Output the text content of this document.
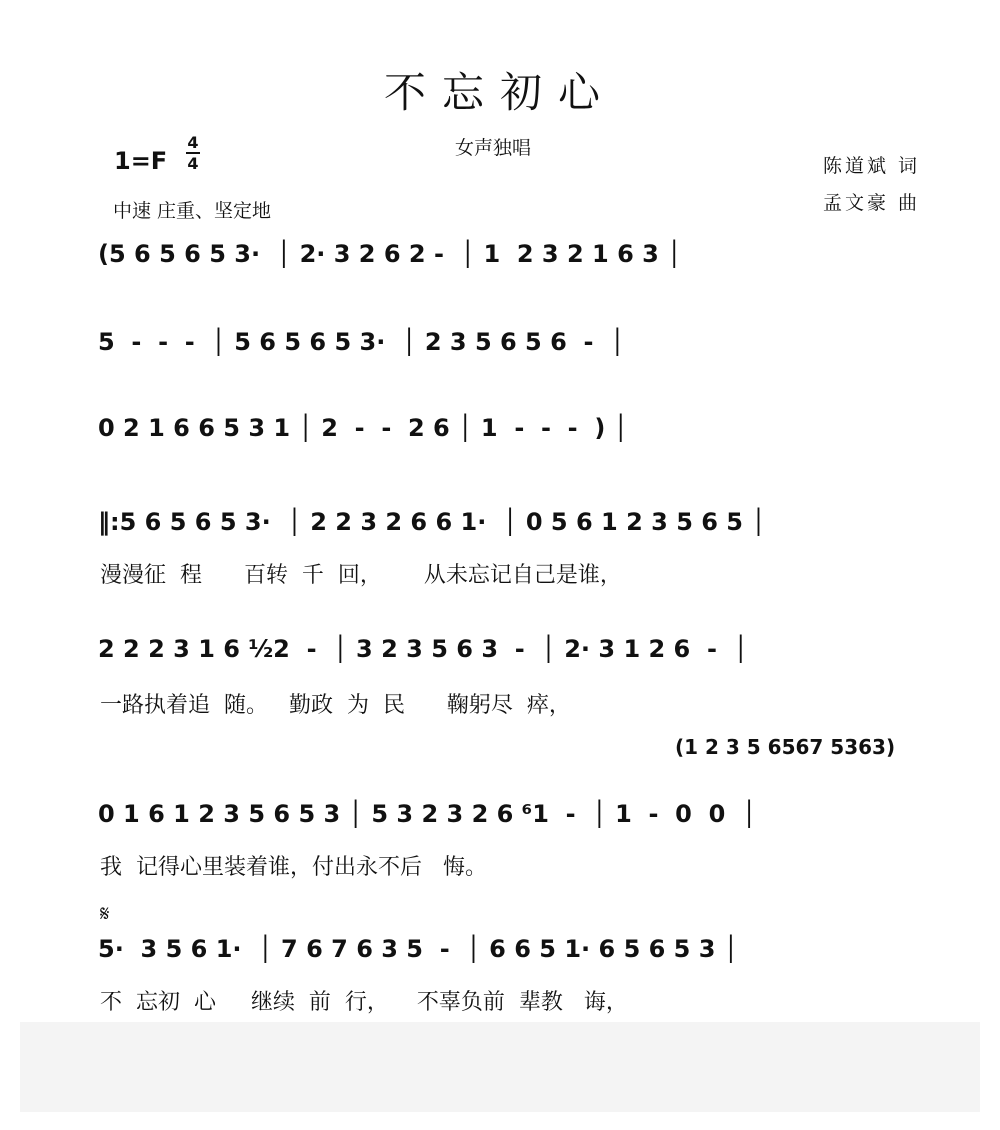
不忘初心
女声独唱
1=F
4
4
中速 庄重、坚定地
陈道斌 词
孟文豪 曲
(5 6 5 6 5 3·  │ 2· 3 2 6 2 -  │ 1  2 3 2 1 6 3 │
5  -  -  -  │ 5 6 5 6 5 3·  │ 2 3 5 6 5 6  -  │
0 2 1 6 6 5 3 1 │ 2  -  -  2 6 │ 1  -  -  -  ) │
‖:5 6 5 6 5 3·  │ 2 2 3 2 6 6 1·  │ 0 5 6 1 2 3 5 6 5 │
漫漫征  程      百转  千  回，      从未忘记自己是谁，
2 2 2 3 1 6 ½2  -  │ 3 2 3 5 6 3  -  │ 2· 3 1 2 6  -  │
一路执着追  随。   勤政  为  民      鞠躬尽  瘁，
(1 2 3 5 6567 5363)
0 1 6 1 2 3 5 6 5 3 │ 5 3 2 3 2 6 ⁶1  -  │ 1  -  0  0  │
我  记得心里装着谁，付出永不后   悔。
𝄋
5·  3 5 6 1·  │ 7 6 7 6 3 5  -  │ 6 6 5 1· 6 5 6 5 3 │
不  忘初  心     继续  前  行，    不辜负前  辈教   诲，
